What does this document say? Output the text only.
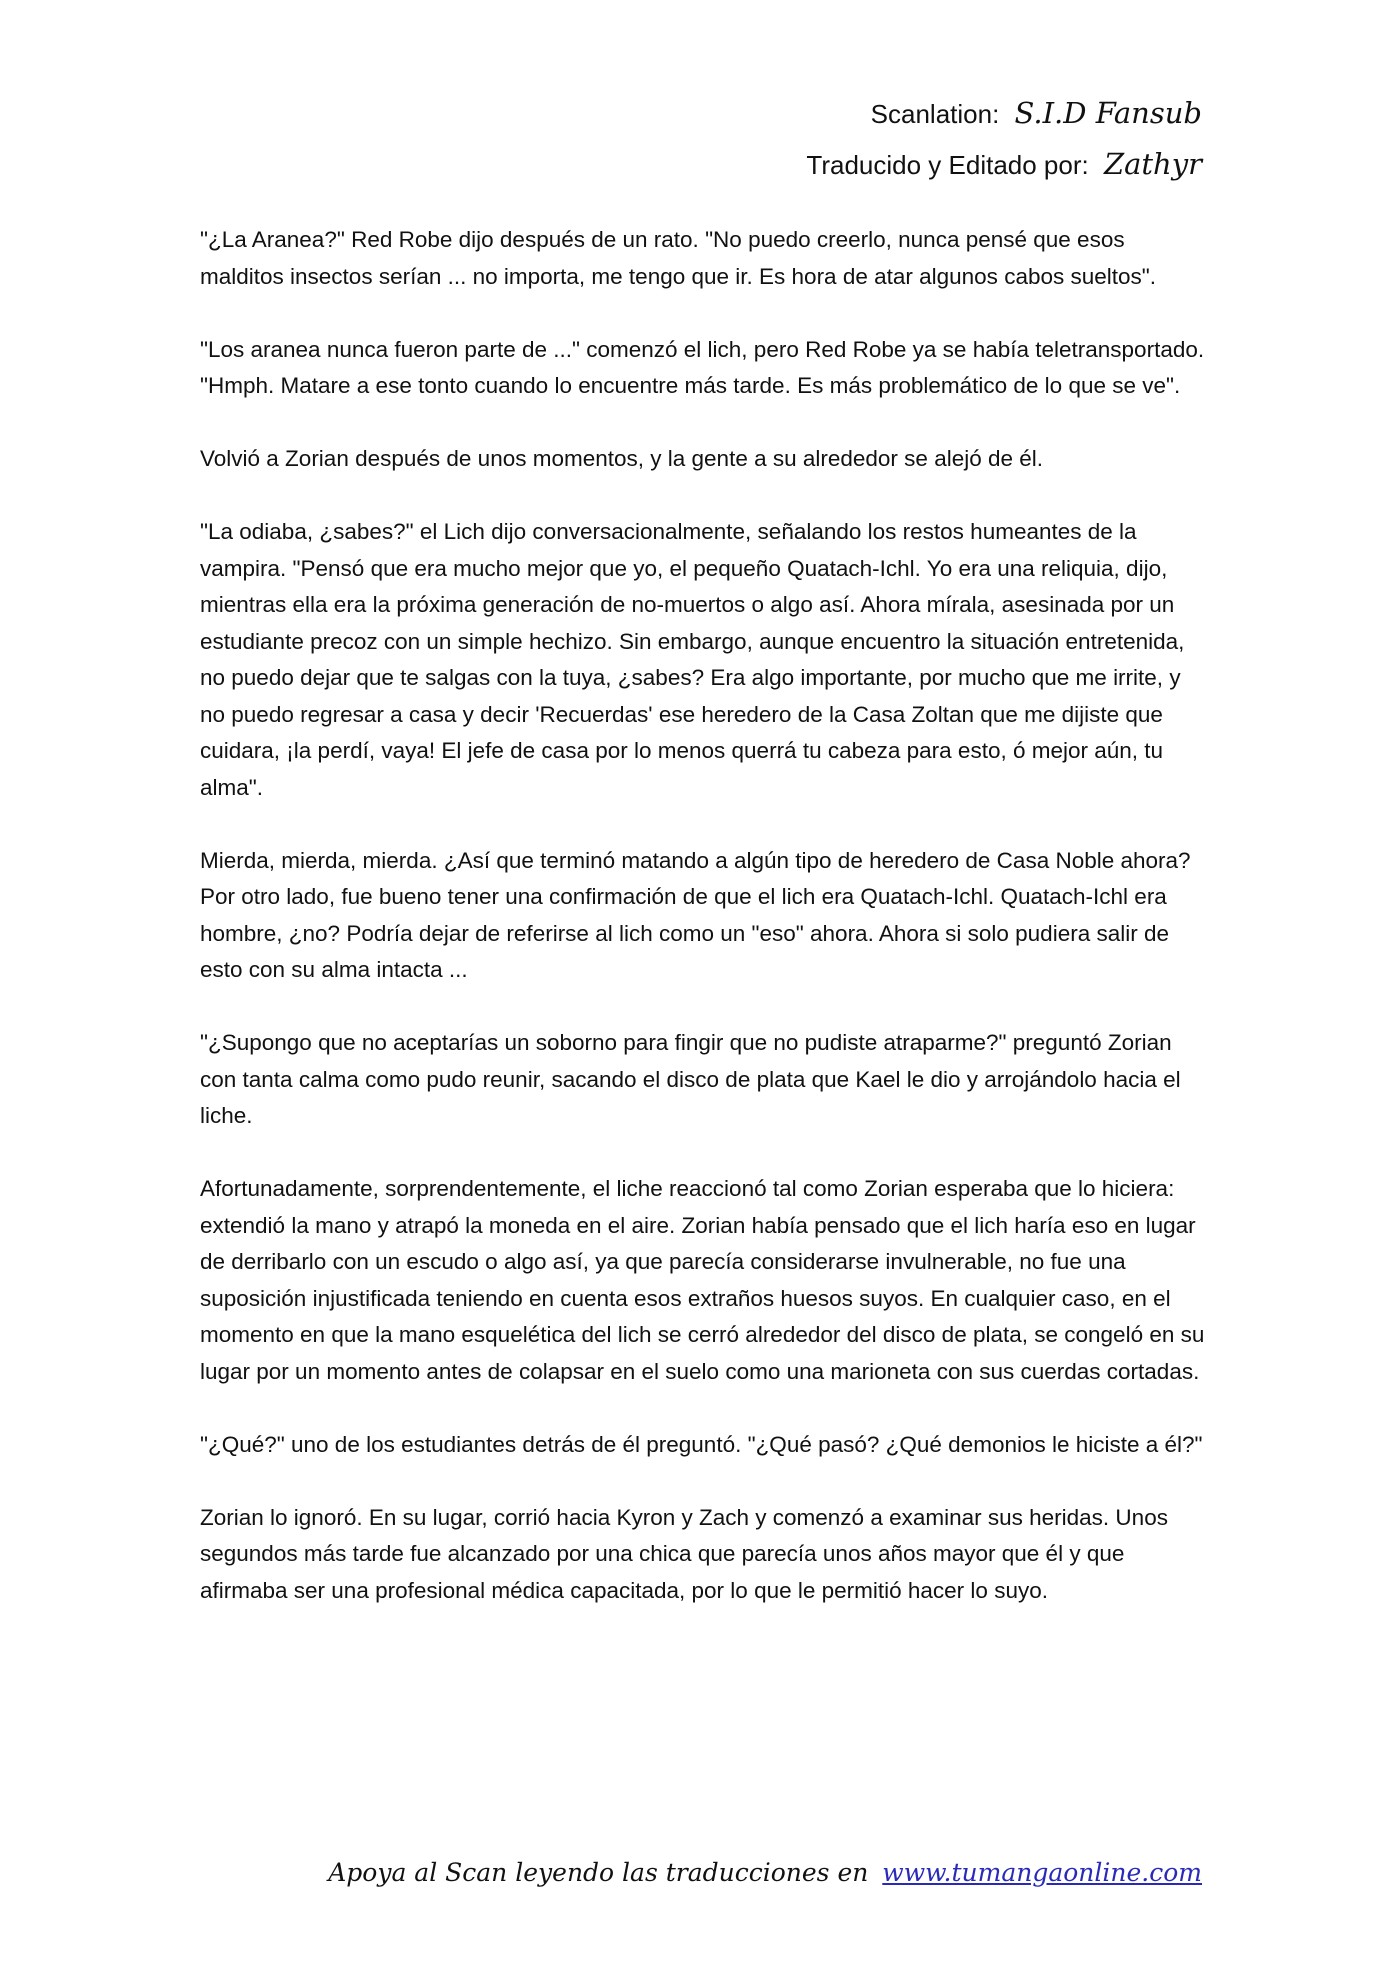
Scanlation: S.I.D Fansub
Traducido y Editado por: Zathyr

"¿La Aranea?" Red Robe dijo después de un rato. "No puedo creerlo, nunca pensé que esos malditos insectos serían ... no importa, me tengo que ir. Es hora de atar algunos cabos sueltos".

"Los aranea nunca fueron parte de ..." comenzó el lich, pero Red Robe ya se había teletransportado. "Hmph. Matare a ese tonto cuando lo encuentre más tarde. Es más problemático de lo que se ve".

Volvió a Zorian después de unos momentos, y la gente a su alrededor se alejó de él.

"La odiaba, ¿sabes?" el Lich dijo conversacionalmente, señalando los restos humeantes de la vampira. "Pensó que era mucho mejor que yo, el pequeño Quatach-Ichl. Yo era una reliquia, dijo, mientras ella era la próxima generación de no-muertos o algo así. Ahora mírala, asesinada por un estudiante precoz con un simple hechizo. Sin embargo, aunque encuentro la situación entretenida, no puedo dejar que te salgas con la tuya, ¿sabes? Era algo importante, por mucho que me irrite, y no puedo regresar a casa y decir 'Recuerdas' ese heredero de la Casa Zoltan que me dijiste que cuidara, ¡la perdí, vaya! El jefe de casa por lo menos querrá tu cabeza para esto, ó mejor aún, tu alma".

Mierda, mierda, mierda. ¿Así que terminó matando a algún tipo de heredero de Casa Noble ahora? Por otro lado, fue bueno tener una confirmación de que el lich era Quatach-Ichl. Quatach-Ichl era hombre, ¿no? Podría dejar de referirse al lich como un "eso" ahora. Ahora si solo pudiera salir de esto con su alma intacta ...

"¿Supongo que no aceptarías un soborno para fingir que no pudiste atraparme?" preguntó Zorian con tanta calma como pudo reunir, sacando el disco de plata que Kael le dio y arrojándolo hacia el liche.

Afortunadamente, sorprendentemente, el liche reaccionó tal como Zorian esperaba que lo hiciera: extendió la mano y atrapó la moneda en el aire. Zorian había pensado que el lich haría eso en lugar de derribarlo con un escudo o algo así, ya que parecía considerarse invulnerable, no fue una suposición injustificada teniendo en cuenta esos extraños huesos suyos. En cualquier caso, en el momento en que la mano esquelética del lich se cerró alrededor del disco de plata, se congeló en su lugar por un momento antes de colapsar en el suelo como una marioneta con sus cuerdas cortadas.

"¿Qué?" uno de los estudiantes detrás de él preguntó. "¿Qué pasó? ¿Qué demonios le hiciste a él?"

Zorian lo ignoró. En su lugar, corrió hacia Kyron y Zach y comenzó a examinar sus heridas. Unos segundos más tarde fue alcanzado por una chica que parecía unos años mayor que él y que afirmaba ser una profesional médica capacitada, por lo que le permitió hacer lo suyo.

Apoya al Scan leyendo las traducciones en www.tumangaonline.com
